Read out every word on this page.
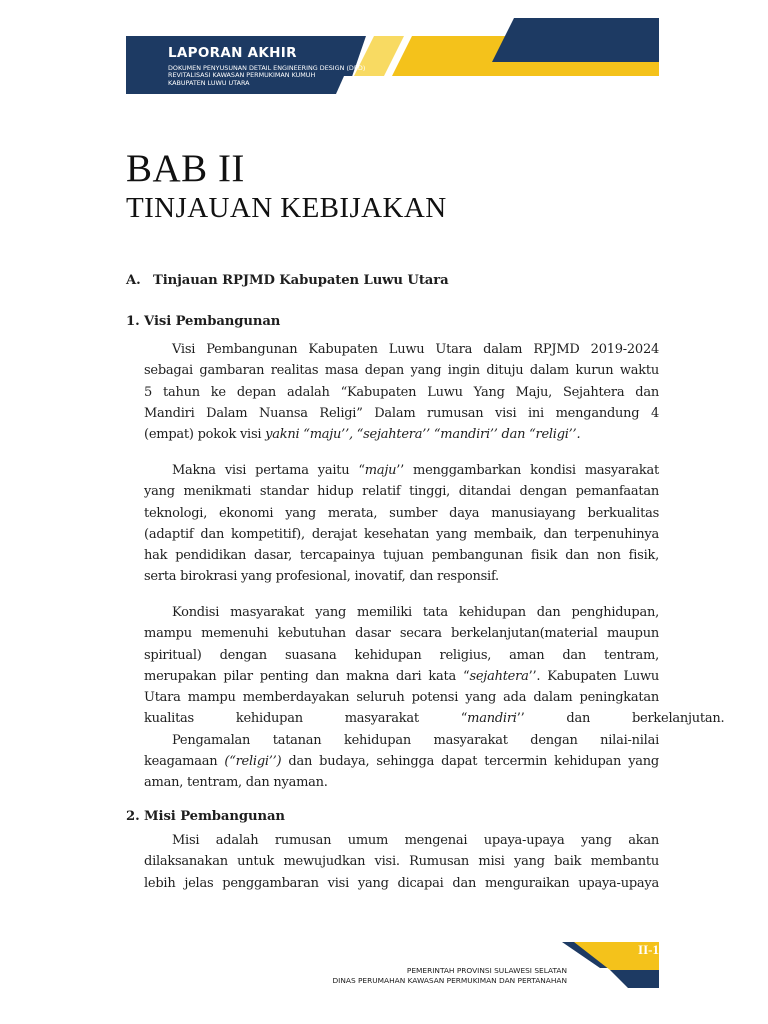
LAPORAN AKHIR
DOKUMEN PENYUSUNAN DETAIL ENGINEERING DESIGN (DED)
REVITALISASI KAWASAN PERMUKIMAN KUMUH
KABUPATEN LUWU UTARA
BAB II
TINJAUAN KEBIJAKAN
A. Tinjauan RPJMD Kabupaten Luwu Utara
1. Visi Pembangunan
Visi Pembangunan Kabupaten Luwu Utara dalam RPJMD 2019-2024
sebagai gambaran realitas masa depan yang ingin dituju dalam kurun waktu
5 tahun ke depan adalah “Kabupaten Luwu Yang Maju, Sejahtera dan
Mandiri Dalam Nuansa Religi” Dalam rumusan visi ini mengandung 4
(empat) pokok visi yakni “maju’’, “sejahtera’’ “mandiri’’ dan “religi’’.
Makna visi pertama yaitu “maju’’ menggambarkan kondisi masyarakat
yang menikmati standar hidup relatif tinggi, ditandai dengan pemanfaatan
teknologi, ekonomi yang merata, sumber daya manusiayang berkualitas
(adaptif dan kompetitif), derajat kesehatan yang membaik, dan terpenuhinya
hak pendidikan dasar, tercapainya tujuan pembangunan fisik dan non fisik,
serta birokrasi yang profesional, inovatif, dan responsif.
Kondisi masyarakat yang memiliki tata kehidupan dan penghidupan,
mampu memenuhi kebutuhan dasar secara berkelanjutan(material maupun
spiritual) dengan suasana kehidupan religius, aman dan tentram,
merupakan pilar penting dan makna dari kata “sejahtera’’. Kabupaten Luwu
Utara mampu memberdayakan seluruh potensi yang ada dalam peningkatan
kualitas kehidupan masyarakat “mandiri’’ dan berkelanjutan.
Pengamalan tatanan kehidupan masyarakat dengan nilai-nilai
keagamaan (“religi’’) dan budaya, sehingga dapat tercermin kehidupan yang
aman, tentram, dan nyaman.
2. Misi Pembangunan
Misi adalah rumusan umum mengenai upaya-upaya yang akan
dilaksanakan untuk mewujudkan visi. Rumusan misi yang baik membantu
lebih jelas penggambaran visi yang dicapai dan menguraikan upaya-upaya
II-1
PEMERINTAH PROVINSI SULAWESI SELATAN
DINAS PERUMAHAN KAWASAN PERMUKIMAN DAN PERTANAHAN
